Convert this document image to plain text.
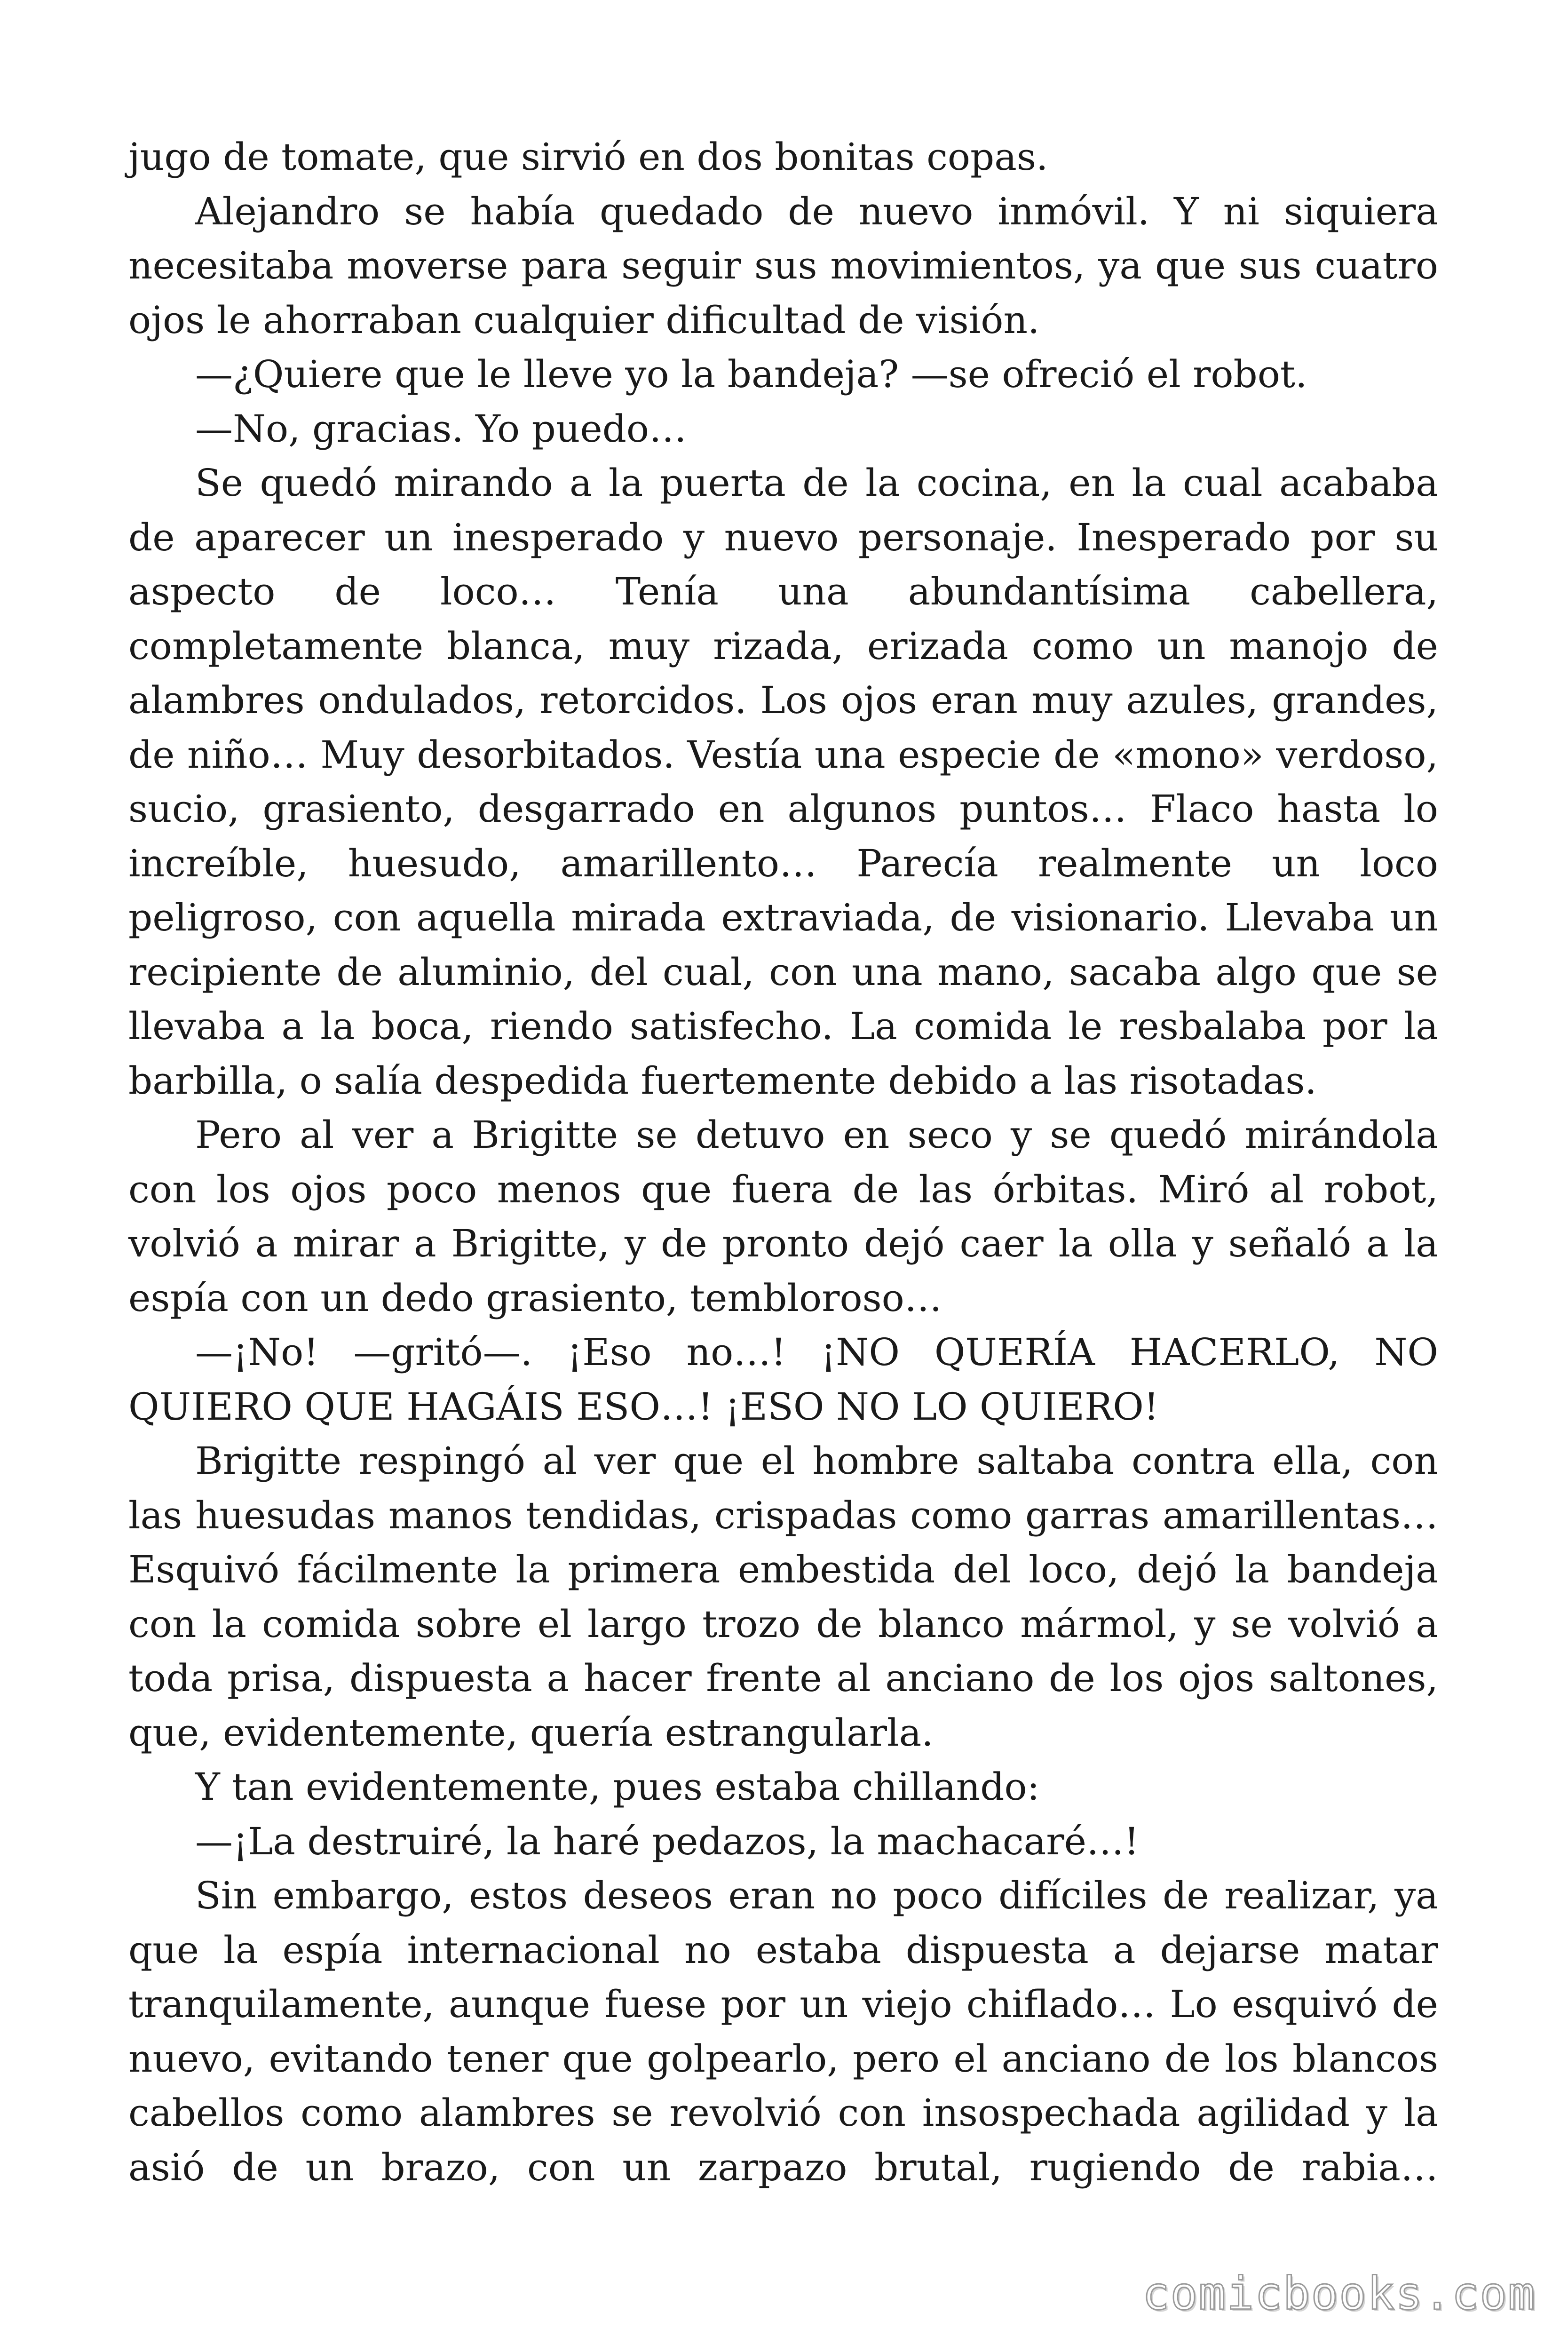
jugo de tomate, que sirvió en dos bonitas copas.

Alejandro se había quedado de nuevo inmóvil. Y ni siquiera necesitaba moverse para seguir sus movimientos, ya que sus cuatro ojos le ahorraban cualquier dificultad de visión.

—¿Quiere que le lleve yo la bandeja? —se ofreció el robot.

—No, gracias. Yo puedo…

Se quedó mirando a la puerta de la cocina, en la cual acababa de aparecer un inesperado y nuevo personaje. Inesperado por su aspecto de loco… Tenía una abundantísima cabellera, completamente blanca, muy rizada, erizada como un manojo de alambres ondulados, retorcidos. Los ojos eran muy azules, grandes, de niño… Muy desorbitados. Vestía una especie de «mono» verdoso, sucio, grasiento, desgarrado en algunos puntos… Flaco hasta lo increíble, huesudo, amarillento… Parecía realmente un loco peligroso, con aquella mirada extraviada, de visionario. Llevaba un recipiente de aluminio, del cual, con una mano, sacaba algo que se llevaba a la boca, riendo satisfecho. La comida le resbalaba por la barbilla, o salía despedida fuertemente debido a las risotadas.

Pero al ver a Brigitte se detuvo en seco y se quedó mirándola con los ojos poco menos que fuera de las órbitas. Miró al robot, volvió a mirar a Brigitte, y de pronto dejó caer la olla y señaló a la espía con un dedo grasiento, tembloroso…

—¡No! —gritó—. ¡Eso no…! ¡NO QUERÍA HACERLO, NO QUIERO QUE HAGÁIS ESO…! ¡ESO NO LO QUIERO!

Brigitte respingó al ver que el hombre saltaba contra ella, con las huesudas manos tendidas, crispadas como garras amarillentas… Esquivó fácilmente la primera embestida del loco, dejó la bandeja con la comida sobre el largo trozo de blanco mármol, y se volvió a toda prisa, dispuesta a hacer frente al anciano de los ojos saltones, que, evidentemente, quería estrangularla.

Y tan evidentemente, pues estaba chillando:

—¡La destruiré, la haré pedazos, la machacaré…!

Sin embargo, estos deseos eran no poco difíciles de realizar, ya que la espía internacional no estaba dispuesta a dejarse matar tranquilamente, aunque fuese por un viejo chiflado… Lo esquivó de nuevo, evitando tener que golpearlo, pero el anciano de los blancos cabellos como alambres se revolvió con insospechada agilidad y la asió de un brazo, con un zarpazo brutal, rugiendo de rabia…

comicbooks.com
